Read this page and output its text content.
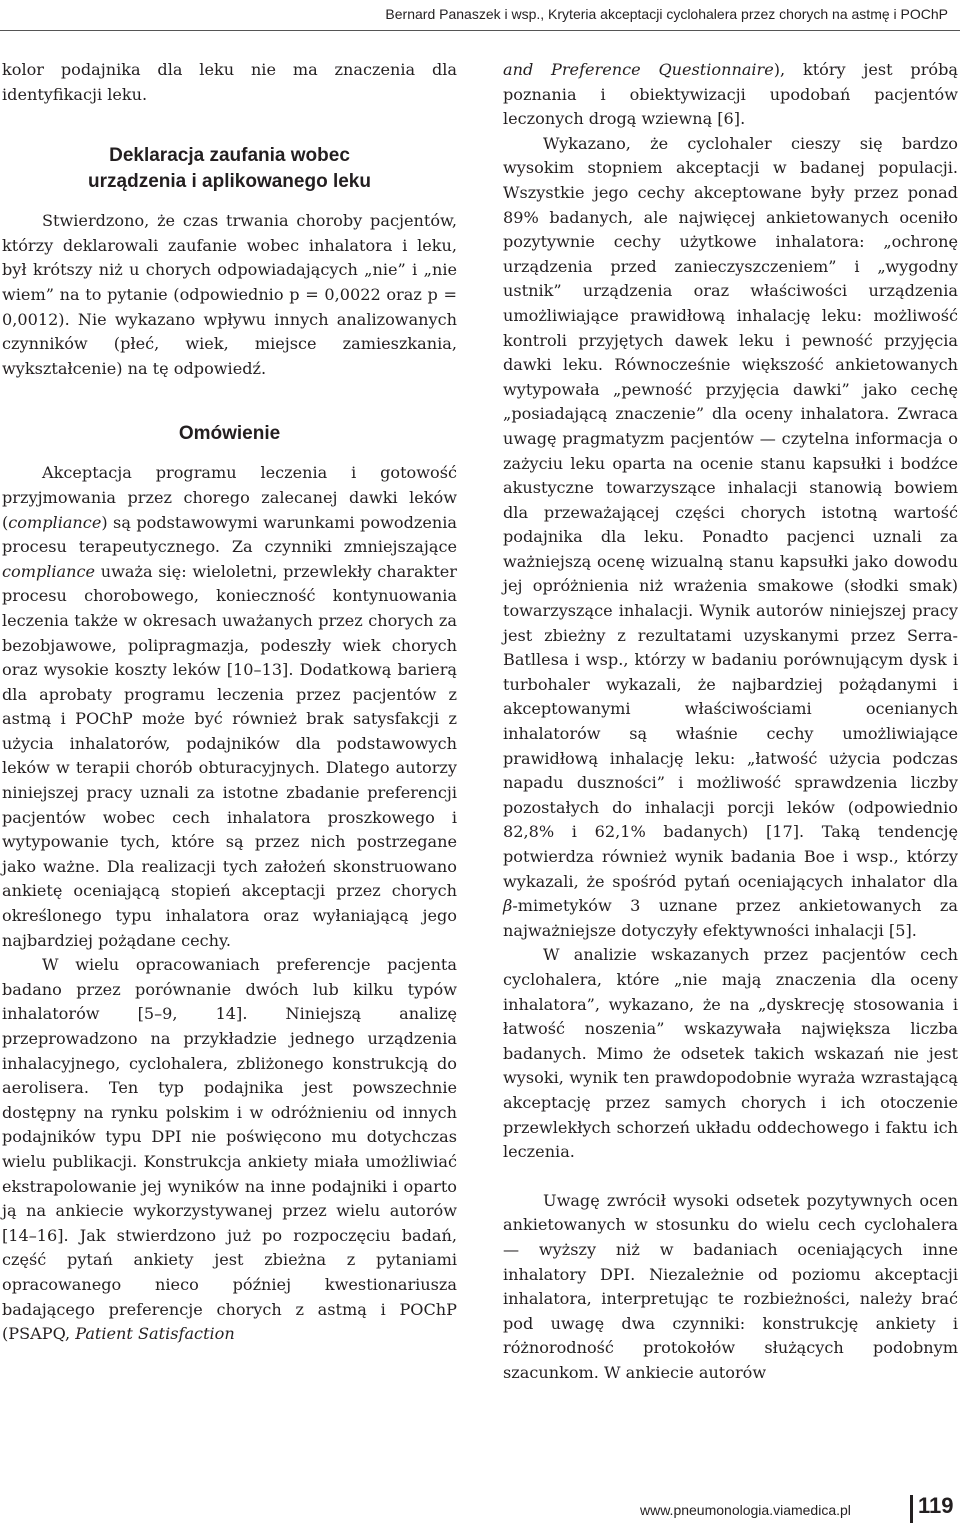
Bernard Panaszek i wsp., Kryteria akceptacji cyclohalera przez chorych na astmę i POChP

kolor podajnika dla leku nie ma znaczenia dla identyfikacji leku.

Deklaracja zaufania wobec
urządzenia i aplikowanego leku

Stwierdzono, że czas trwania choroby pacjentów, którzy deklarowali zaufanie wobec inhalatora i leku, był krótszy niż u chorych odpowiadających „nie” i „nie wiem” na to pytanie (odpowiednio p = 0,0022 oraz p = 0,0012). Nie wykazano wpływu innych analizowanych czynników (płeć, wiek, miejsce zamieszkania, wykształcenie) na tę odpowiedź.

Omówienie

Akceptacja programu leczenia i gotowość przyjmowania przez chorego zalecanej dawki leków (compliance) są podstawowymi warunkami powodzenia procesu terapeutycznego. Za czynniki zmniejszające compliance uważa się: wieloletni, przewlekły charakter procesu chorobowego, konieczność kontynuowania leczenia także w okresach uważanych przez chorych za bezobjawowe, polipragmazja, podeszły wiek chorych oraz wysokie koszty leków [10–13]. Dodatkową barierą dla aprobaty programu leczenia przez pacjentów z astmą i POChP może być również brak satysfakcji z użycia inhalatorów, podajników dla podstawowych leków w terapii chorób obturacyjnych. Dlatego autorzy niniejszej pracy uznali za istotne zbadanie preferencji pacjentów wobec cech inhalatora proszkowego i wytypowanie tych, które są przez nich postrzegane jako ważne. Dla realizacji tych założeń skonstruowano ankietę oceniającą stopień akceptacji przez chorych określonego typu inhalatora oraz wyłaniającą jego najbardziej pożądane cechy.

W wielu opracowaniach preferencje pacjenta badano przez porównanie dwóch lub kilku typów inhalatorów [5–9, 14]. Niniejszą analizę przeprowadzono na przykładzie jednego urządzenia inhalacyjnego, cyclohalera, zbliżonego konstrukcją do aerolisera. Ten typ podajnika jest powszechnie dostępny na rynku polskim i w odróżnieniu od innych podajników typu DPI nie poświęcono mu dotychczas wielu publikacji. Konstrukcja ankiety miała umożliwiać ekstrapolowanie jej wyników na inne podajniki i oparto ją na ankiecie wykorzystywanej przez wielu autorów [14–16]. Jak stwierdzono już po rozpoczęciu badań, część pytań ankiety jest zbieżna z pytaniami opracowanego nieco później kwestionariusza badającego preferencje chorych z astmą i POChP (PSAPQ, Patient Satisfaction

and Preference Questionnaire), który jest próbą poznania i obiektywizacji upodobań pacjentów leczonych drogą wziewną [6].

Wykazano, że cyclohaler cieszy się bardzo wysokim stopniem akceptacji w badanej populacji. Wszystkie jego cechy akceptowane były przez ponad 89% badanych, ale najwięcej ankietowanych oceniło pozytywnie cechy użytkowe inhalatora: „ochronę urządzenia przed zanieczyszczeniem” i „wygodny ustnik” urządzenia oraz właściwości urządzenia umożliwiające prawidłową inhalację leku: możliwość kontroli przyjętych dawek leku i pewność przyjęcia dawki leku. Równocześnie większość ankietowanych wytypowała „pewność przyjęcia dawki” jako cechę „posiadającą znaczenie” dla oceny inhalatora. Zwraca uwagę pragmatyzm pacjentów — czytelna informacja o zażyciu leku oparta na ocenie stanu kapsułki i bodźce akustyczne towarzyszące inhalacji stanowią bowiem dla przeważającej części chorych istotną wartość podajnika dla leku. Ponadto pacjenci uznali za ważniejszą ocenę wizualną stanu kapsułki jako dowodu jej opróżnienia niż wrażenia smakowe (słodki smak) towarzyszące inhalacji. Wynik autorów niniejszej pracy jest zbieżny z rezultatami uzyskanymi przez Serra-Batllesa i wsp., którzy w badaniu porównującym dysk i turbohaler wykazali, że najbardziej pożądanymi i akceptowanymi właściwościami ocenianych inhalatorów są właśnie cechy umożliwiające prawidłową inhalację leku: „łatwość użycia podczas napadu duszności” i możliwość sprawdzenia liczby pozostałych do inhalacji porcji leków (odpowiednio 82,8% i 62,1% badanych) [17]. Taką tendencję potwierdza również wynik badania Boe i wsp., którzy wykazali, że spośród pytań oceniających inhalator dla β-mimetyków 3 uznane przez ankietowanych za najważniejsze dotyczyły efektywności inhalacji [5].

W analizie wskazanych przez pacjentów cech cyclohalera, które „nie mają znaczenia dla oceny inhalatora”, wykazano, że na „dyskrecję stosowania i łatwość noszenia” wskazywała największa liczba badanych. Mimo że odsetek takich wskazań nie jest wysoki, wynik ten prawdopodobnie wyraża wzrastającą akceptację przez samych chorych i ich otoczenie przewlekłych schorzeń układu oddechowego i faktu ich leczenia.

Uwagę zwrócił wysoki odsetek pozytywnych ocen ankietowanych w stosunku do wielu cech cyclohalera — wyższy niż w badaniach oceniających inne inhalatory DPI. Niezależnie od poziomu akceptacji inhalatora, interpretując te rozbieżności, należy brać pod uwagę dwa czynniki: konstrukcję ankiety i różnorodność protokołów służących podobnym szacunkom. W ankiecie autorów

www.pneumonologia.viamedica.pl	119
